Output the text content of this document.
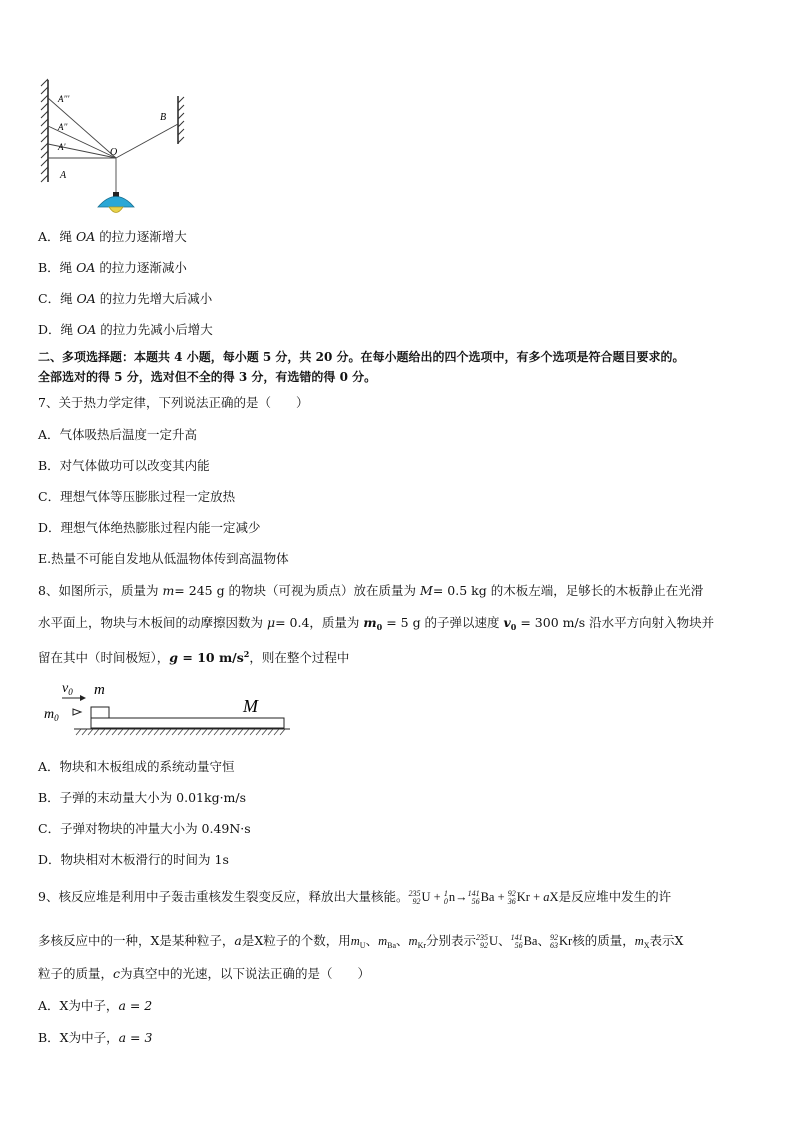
A'''
A''
A'
A
O
B
A．绳 OA 的拉力逐渐增大
B．绳 OA 的拉力逐渐减小
C．绳 OA 的拉力先增大后减小
D．绳 OA 的拉力先减小后增大
二、多项选择题：本题共 4 小题，每小题 5 分，共 20 分。在每小题给出的四个选项中，有多个选项是符合题目要求的。
全部选对的得 5 分，选对但不全的得 3 分，有选错的得 0 分。
7、关于热力学定律，下列说法正确的是（　　）
A．气体吸热后温度一定升高
B．对气体做功可以改变其内能
C．理想气体等压膨胀过程一定放热
D．理想气体绝热膨胀过程内能一定减少
E.热量不可能自发地从低温物体传到高温物体
8、如图所示，质量为 m= 245 g 的物块（可视为质点）放在质量为 M= 0.5 kg 的木板左端，足够长的木板静止在光滑
水平面上，物块与木板间的动摩擦因数为 μ= 0.4，质量为 $m_0 = 5$ g 的子弹以速度 $v_0 = 300$ m/s 沿水平方向射入物块并
留在其中（时间极短），g = 10 $m/s^2$，则在整个过程中
$v_0$ m
$m_0$
M
A．物块和木板组成的系统动量守恒
B．子弹的末动量大小为 0.01kg·m/s
C．子弹对物块的冲量大小为 0.49N·s
D．物块相对木板滑行的时间为 1s
9、核反应堆是利用中子轰击重核发生裂变反应，释放出大量核能。 235
92 U + 1
0 n→ 141
56 Ba + 92
36 Kr + aX是反应堆中发生的许
多核反应中的一种，X是某种粒子，a是X粒子的个数，用$m_U$、$m_{Ba}$、$m_{Kr}$分别表示 235
92 U、 141
56 Ba、 92
63 Kr核的质量，$m_X$表示X
粒子的质量，c为真空中的光速，以下说法正确的是（　　）
A．X为中子，a = 2
B．X为中子，a = 3
